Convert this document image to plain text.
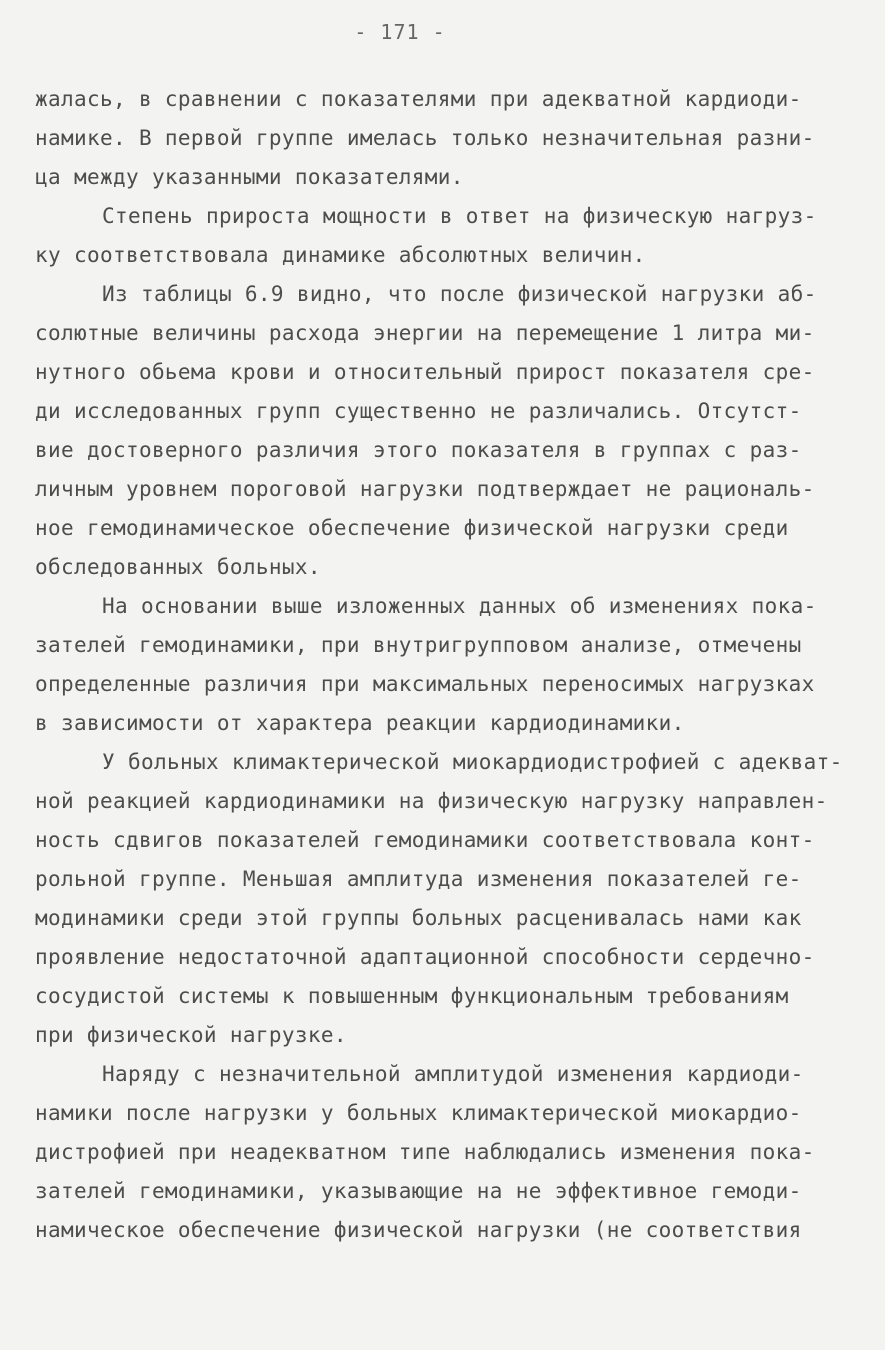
- 171 -
жалась, в сравнении с показателями при адекватной кардиоди-
намике. В первой группе имелась только незначительная разни-
ца между указанными показателями.
Степень прироста мощности в ответ на физическую нагруз-
ку соответствовала динамике абсолютных величин.
Из таблицы 6.9 видно, что после физической нагрузки аб-
солютные величины расхода энергии на перемещение 1 литра ми-
нутного обьема крови и относительный прирост показателя сре-
ди исследованных групп существенно не различались. Отсутст-
вие достоверного различия этого показателя в группах с раз-
личным уровнем пороговой нагрузки подтверждает не рациональ-
ное гемодинамическое обеспечение физической нагрузки среди
обследованных больных.
На основании выше изложенных данных об изменениях пока-
зателей гемодинамики, при внутригрупповом анализе, отмечены
определенные различия при максимальных переносимых нагрузках
в зависимости от характера реакции кардиодинамики.
У больных климактерической миокардиодистрофией с адекват-
ной реакцией кардиодинамики на физическую нагрузку направлен-
ность сдвигов показателей гемодинамики соответствовала конт-
рольной группе. Меньшая амплитуда изменения показателей ге-
модинамики среди этой группы больных расценивалась нами как
проявление недостаточной адаптационной способности сердечно-
сосудистой системы к повышенным функциональным требованиям
при физической нагрузке.
Наряду с незначительной амплитудой изменения кардиоди-
намики после нагрузки у больных климактерической миокардио-
дистрофией при неадекватном типе наблюдались изменения пока-
зателей гемодинамики, указывающие на не эффективное гемоди-
намическое обеспечение физической нагрузки (не соответствия
